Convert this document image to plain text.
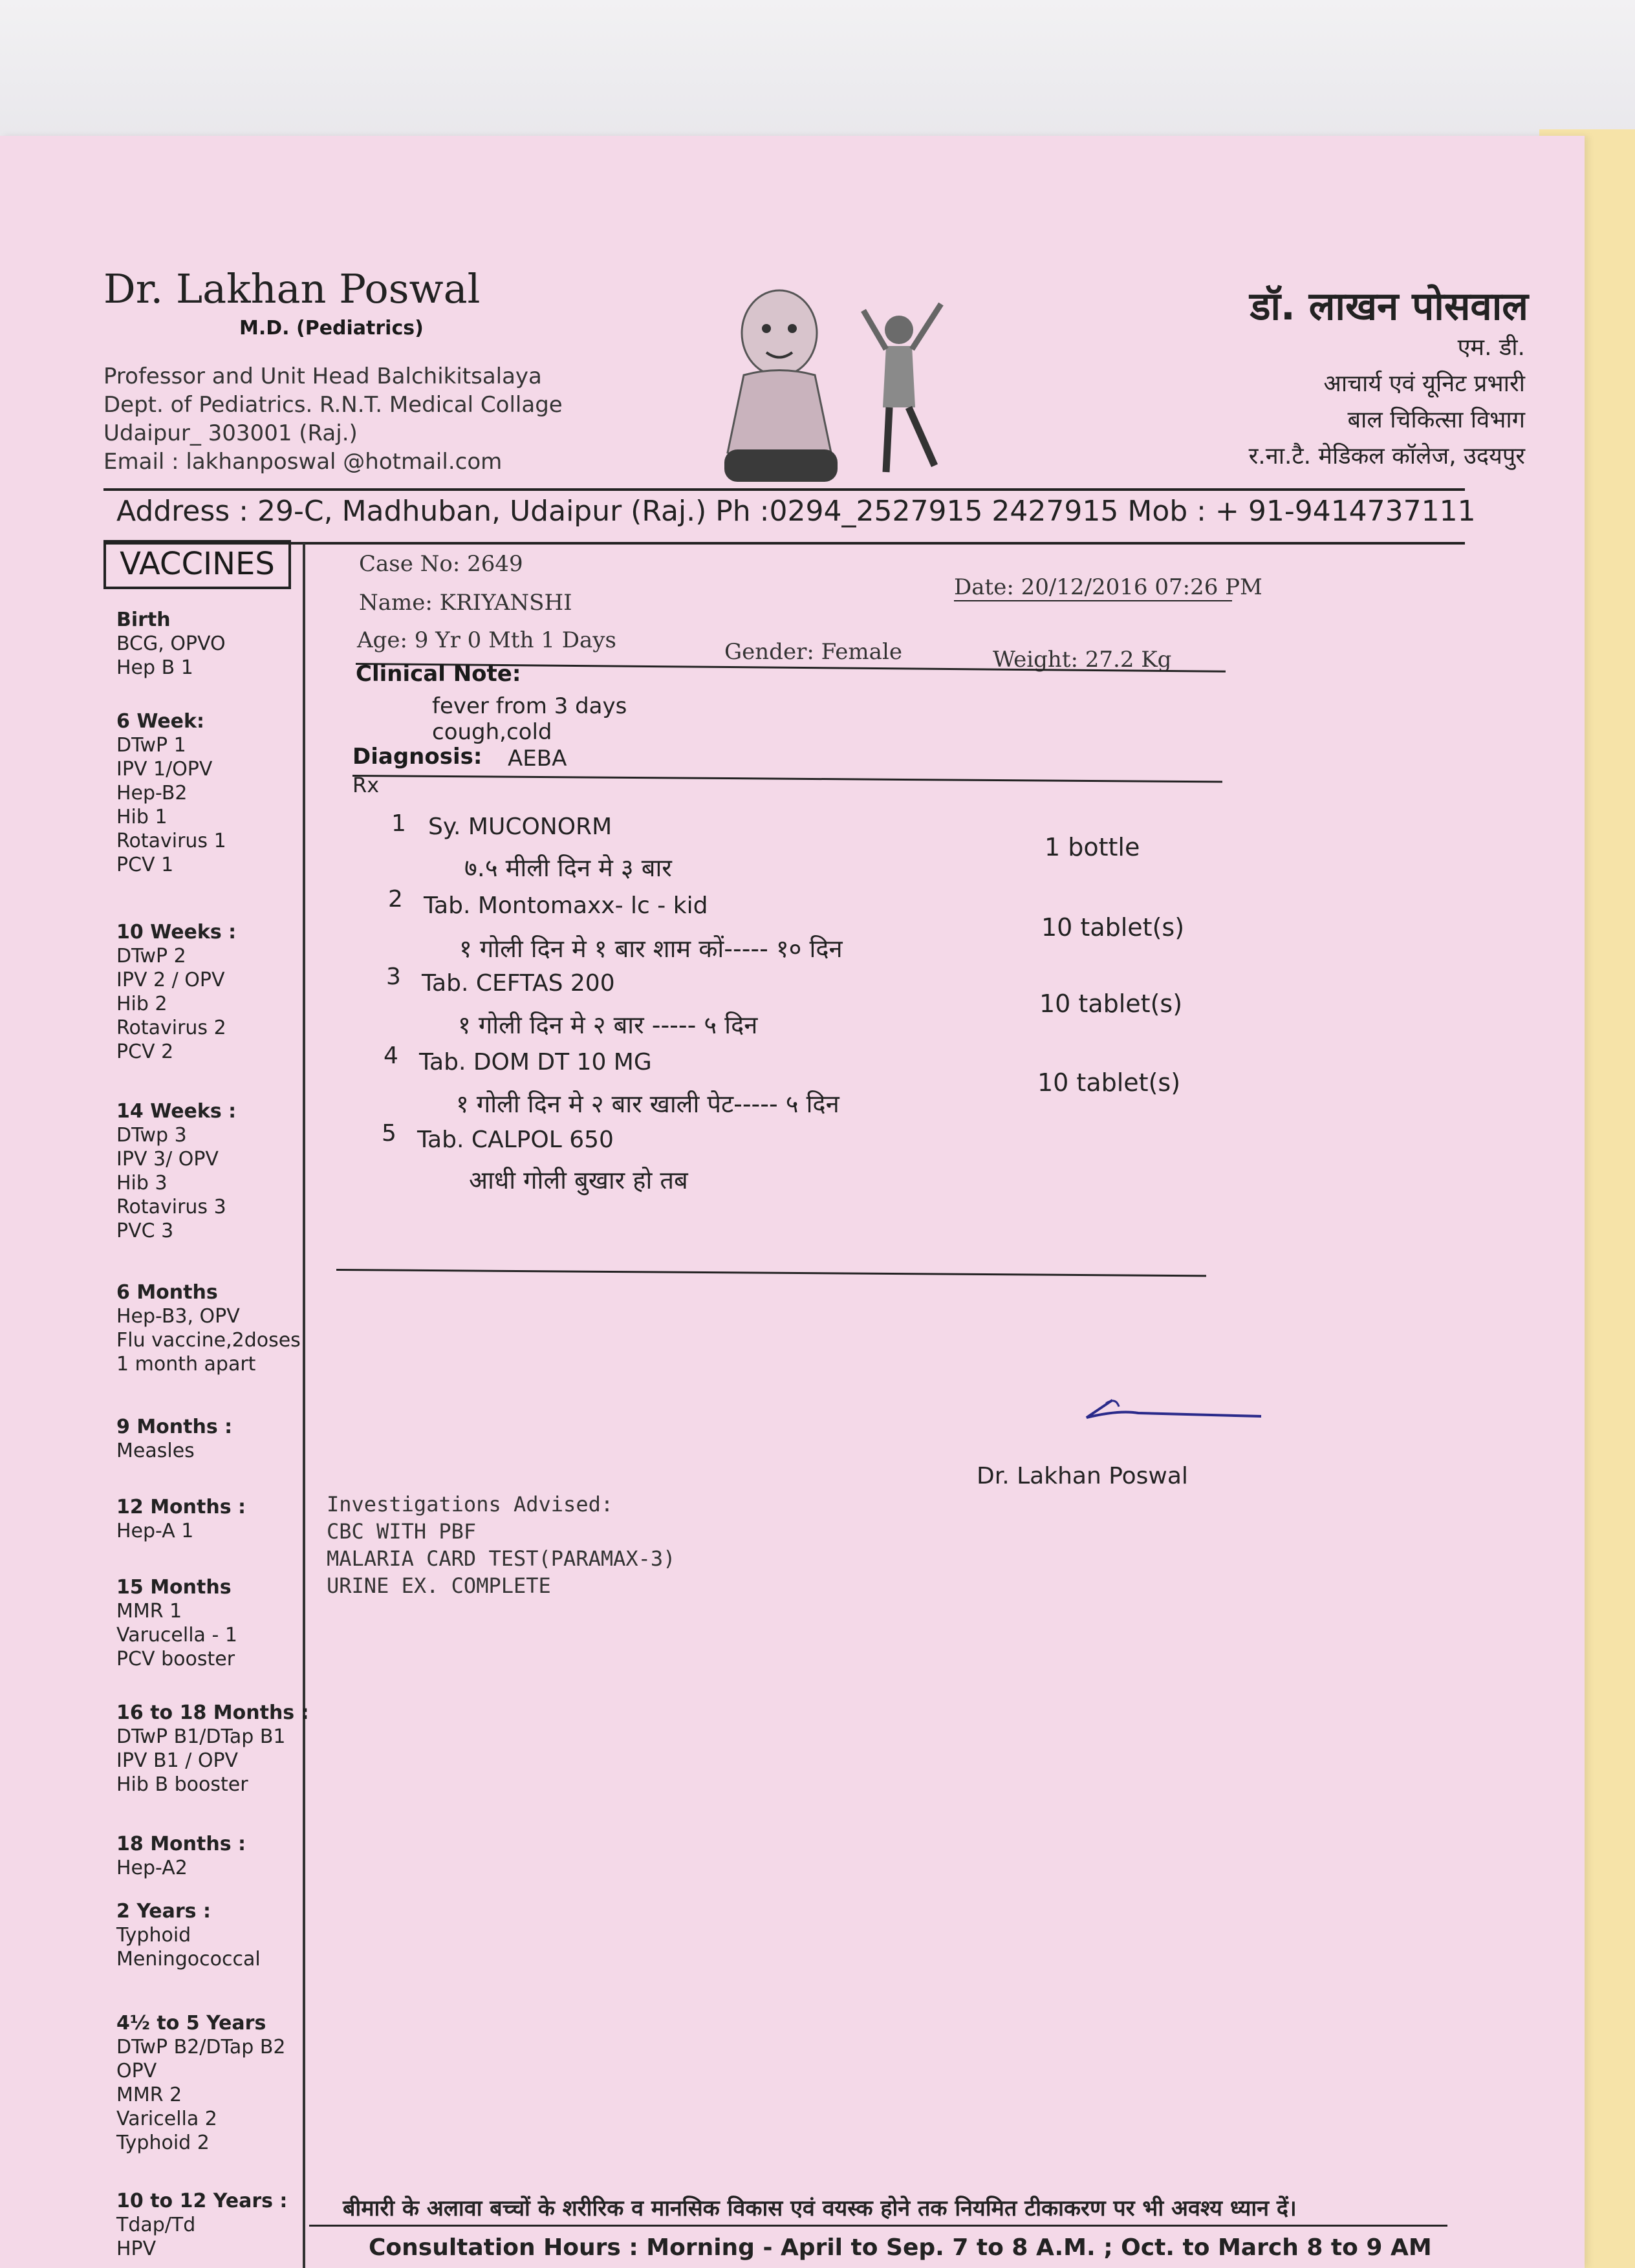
Dr. Lakhan Poswal
M.D. (Pediatrics)
Professor and Unit Head Balchikitsalaya
Dept. of Pediatrics. R.N.T. Medical Collage
Udaipur_ 303001 (Raj.)
Email : lakhanposwal @hotmail.com
डॉ. लाखन पोसवाल
एम. डी.
आचार्य एवं यूनिट प्रभारी
बाल चिकित्सा विभाग
र.ना.टै. मेडिकल कॉलेज, उदयपुर
Address : 29-C, Madhuban, Udaipur (Raj.) Ph :0294_2527915 2427915 Mob : + 91-9414737111
VACCINES
Birth
BCG, OPVO
Hep B 1
6 Week:
DTwP 1
IPV 1/OPV
Hep-B2
Hib 1
Rotavirus 1
PCV 1
10 Weeks :
DTwP 2
IPV 2 / OPV
Hib 2
Rotavirus 2
PCV 2
14 Weeks :
DTwp 3
IPV 3/ OPV
Hib 3
Rotavirus 3
PVC 3
6 Months
Hep-B3, OPV
Flu vaccine,2doses
1 month apart
9 Months :
Measles
12 Months :
Hep-A 1
15 Months
MMR 1
Varucella - 1
PCV booster
16 to 18 Months :
DTwP B1/DTap B1
IPV B1 / OPV
Hib B booster
18 Months :
Hep-A2
2 Years :
Typhoid
Meningococcal
4½ to 5 Years
DTwP B2/DTap B2
OPV
MMR 2
Varicella 2
Typhoid 2
10 to 12 Years :
Tdap/Td
HPV
Case No: 2649
Date: 20/12/2016 07:26 PM
Name: KRIYANSHI
Age: 9 Yr 0 Mth 1 Days	Gender: Female	Weight: 27.2 Kg
Clinical Note:
fever from 3 days
cough,cold
Diagnosis: AEBA
Rx
1 Sy. MUCONORM
७.५ मीली दिन मे ३ बार
1 bottle
2 Tab. Montomaxx- lc - kid
१ गोली दिन मे १ बार शाम कों----- १० दिन
10 tablet(s)
3 Tab. CEFTAS 200
१ गोली दिन मे २ बार ----- ५ दिन
10 tablet(s)
4 Tab. DOM DT 10 MG
१ गोली दिन मे २ बार खाली पेट----- ५ दिन
10 tablet(s)
5 Tab. CALPOL 650
आधी गोली बुखार हो तब
Dr. Lakhan Poswal
Investigations Advised:
CBC WITH PBF
MALARIA CARD TEST(PARAMAX-3)
URINE EX. COMPLETE
बीमारी के अलावा बच्चों के शरीरिक व मानसिक विकास एवं वयस्क होने तक नियमित टीकाकरण पर भी अवश्य ध्यान दें।
Consultation Hours : Morning - April to Sep. 7 to 8 A.M. ; Oct. to March 8 to 9 AM
